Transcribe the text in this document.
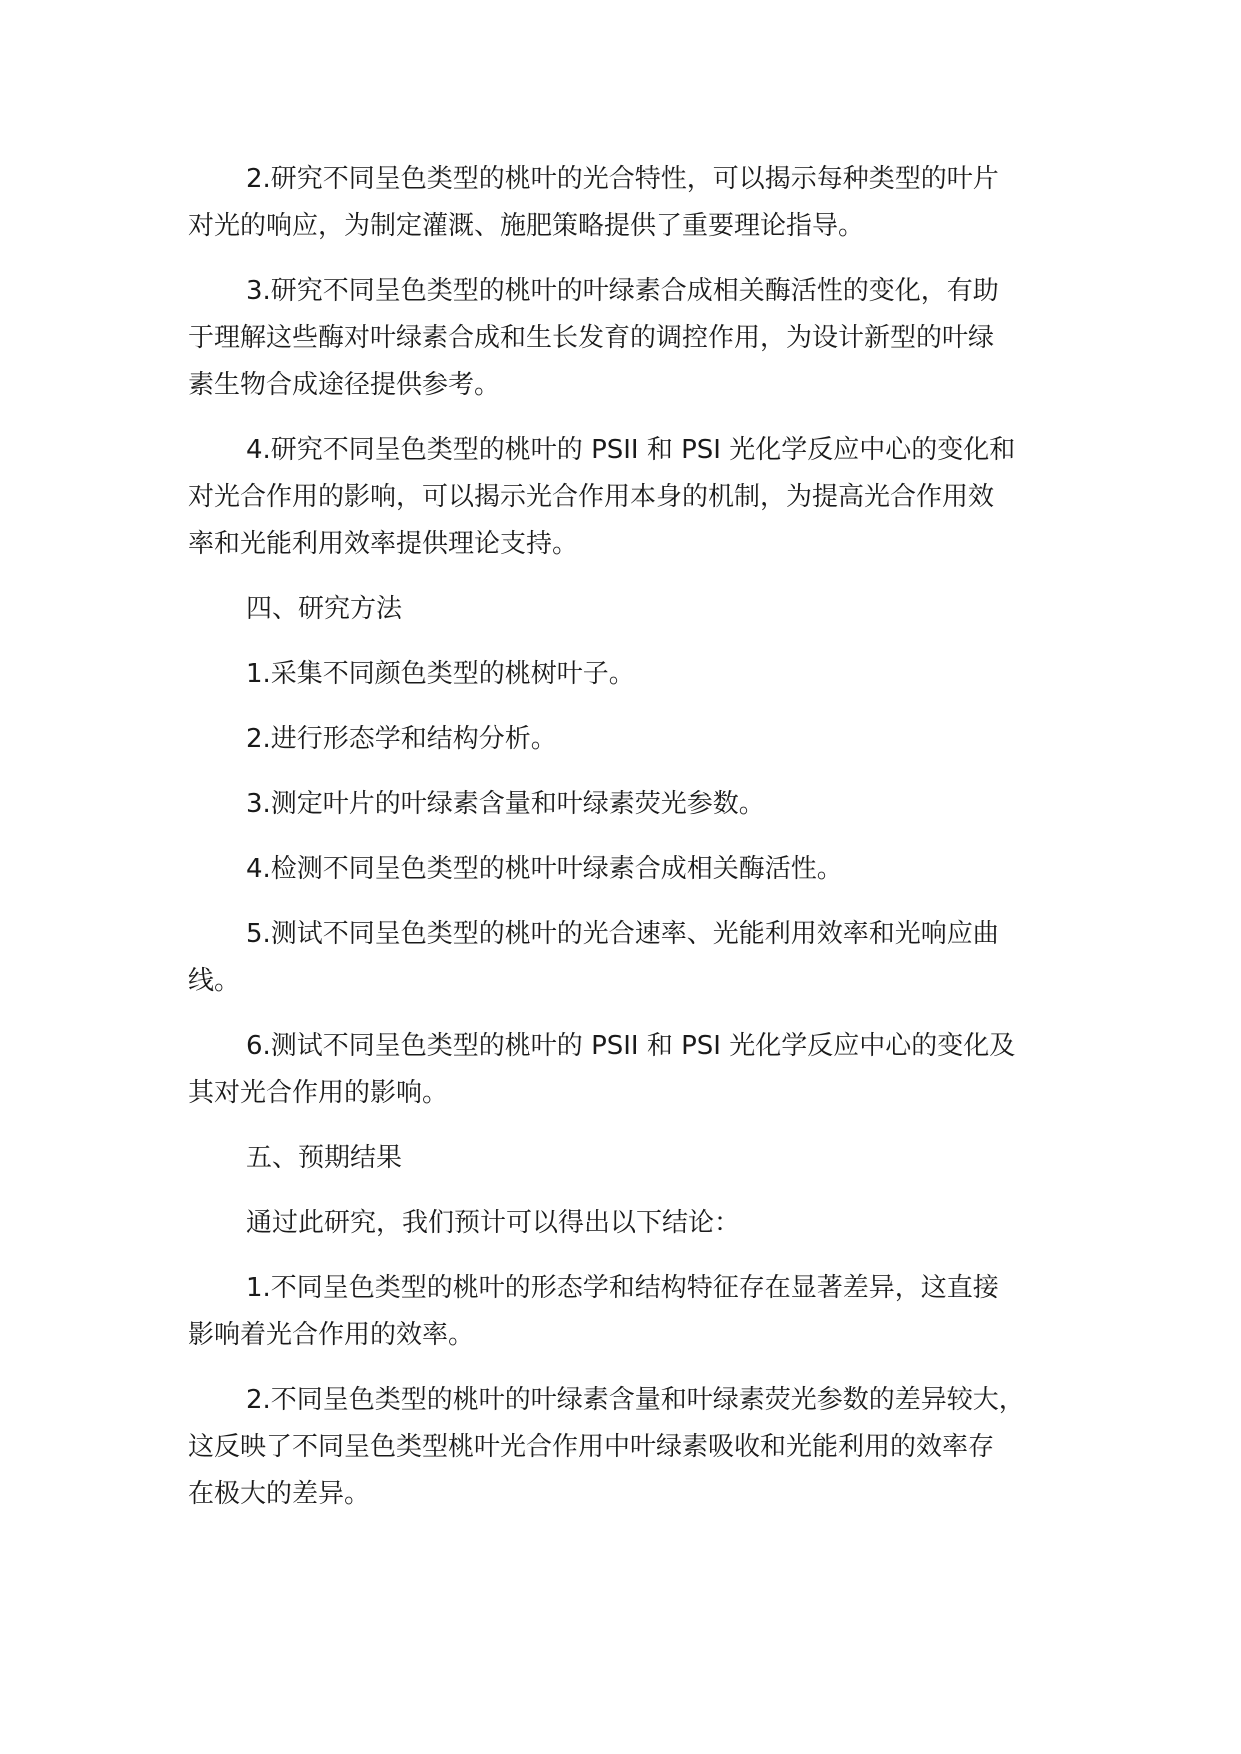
2.研究不同呈色类型的桃叶的光合特性，可以揭示每种类型的叶片
对光的响应，为制定灌溉、施肥策略提供了重要理论指导。
3.研究不同呈色类型的桃叶的叶绿素合成相关酶活性的变化，有助
于理解这些酶对叶绿素合成和生长发育的调控作用，为设计新型的叶绿
素生物合成途径提供参考。
4.研究不同呈色类型的桃叶的 PSII 和 PSI 光化学反应中心的变化和
对光合作用的影响，可以揭示光合作用本身的机制，为提高光合作用效
率和光能利用效率提供理论支持。
四、研究方法
1.采集不同颜色类型的桃树叶子。
2.进行形态学和结构分析。
3.测定叶片的叶绿素含量和叶绿素荧光参数。
4.检测不同呈色类型的桃叶叶绿素合成相关酶活性。
5.测试不同呈色类型的桃叶的光合速率、光能利用效率和光响应曲
线。
6.测试不同呈色类型的桃叶的 PSII 和 PSI 光化学反应中心的变化及
其对光合作用的影响。
五、预期结果
通过此研究，我们预计可以得出以下结论：
1.不同呈色类型的桃叶的形态学和结构特征存在显著差异，这直接
影响着光合作用的效率。
2.不同呈色类型的桃叶的叶绿素含量和叶绿素荧光参数的差异较大，
这反映了不同呈色类型桃叶光合作用中叶绿素吸收和光能利用的效率存
在极大的差异。
